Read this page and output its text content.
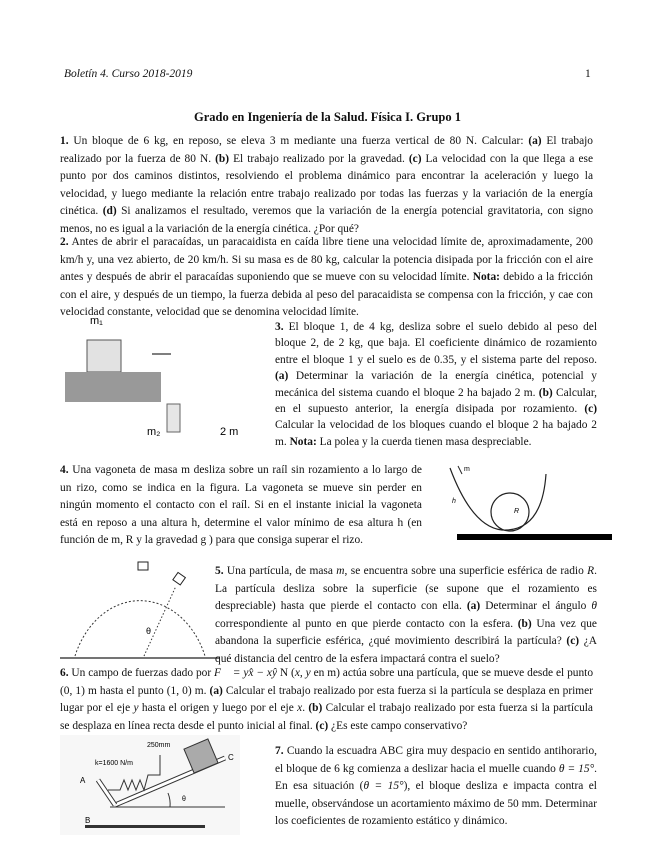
Boletín 4. Curso 2018-2019	1
Grado en Ingeniería de la Salud. Física I. Grupo 1
1. Un bloque de 6 kg, en reposo, se eleva 3 m mediante una fuerza vertical de 80 N. Calcular: (a) El trabajo realizado por la fuerza de 80 N. (b) El trabajo realizado por la gravedad. (c) La velocidad con la que llega a ese punto por dos caminos distintos, resolviendo el problema dinámico para encontrar la aceleración y luego la velocidad, y luego mediante la relación entre trabajo realizado por todas las fuerzas y la variación de la energía cinética. (d) Si analizamos el resultado, veremos que la variación de la energía potencial gravitatoria, con signo menos, no es igual a la variación de la energía cinética. ¿Por qué?
2. Antes de abrir el paracaídas, un paracaidista en caída libre tiene una velocidad límite de, aproximadamente, 200 km/h y, una vez abierto, de 20 km/h. Si su masa es de 80 kg, calcular la potencia disipada por la fricción con el aire antes y después de abrir el paracaídas suponiendo que se mueve con su velocidad límite. Nota: debido a la fricción con el aire, y después de un tiempo, la fuerza debida al peso del paracaidista se compensa con la fricción, y cae con velocidad constante, velocidad que se denomina velocidad límite.
m₁
m₂	2 m
3. El bloque 1, de 4 kg, desliza sobre el suelo debido al peso del bloque 2, de 2 kg, que baja. El coeficiente dinámico de rozamiento entre el bloque 1 y el suelo es de 0.35, y el sistema parte del reposo. (a) Determinar la variación de la energía cinética, potencial y mecánica del sistema cuando el bloque 2 ha bajado 2 m. (b) Calcular, en el supuesto anterior, la energía disipada por rozamiento. (c) Calcular la velocidad de los bloques cuando el bloque 2 ha bajado 2 m. Nota: La polea y la cuerda tienen masa despreciable.
4. Una vagoneta de masa m desliza sobre un raíl sin rozamiento a lo largo de un rizo, como se indica en la figura. La vagoneta se mueve sin perder en ningún momento el contacto con el raíl. Si en el instante inicial la vagoneta está en reposo a una altura h, determine el valor mínimo de esa altura h (en función de m, R y la gravedad g ) para que consiga superar el rizo.
m
h
R
θ
5. Una partícula, de masa m, se encuentra sobre una superficie esférica de radio R. La partícula desliza sobre la superficie (se supone que el rozamiento es despreciable) hasta que pierde el contacto con ella. (a) Determinar el ángulo θ correspondiente al punto en que pierde contacto con la esfera. (b) Una vez que abandona la superficie esférica, ¿qué movimiento describirá la partícula? (c) ¿A qué distancia del centro de la esfera impactará contra el suelo?
6. Un campo de fuerzas dado por F⃗ = yx̂ − xŷ N (x, y en m) actúa sobre una partícula, que se mueve desde el punto (0, 1) m hasta el punto (1, 0) m. (a) Calcular el trabajo realizado por esta fuerza si la partícula se desplaza en primer lugar por el eje y hasta el origen y luego por el eje x. (b) Calcular el trabajo realizado por esta fuerza si la partícula se desplaza en línea recta desde el punto inicial al final. (c) ¿Es este campo conservativo?
250mm
k=1600 N/m
A
B
C
θ
7. Cuando la escuadra ABC gira muy despacio en sentido antihorario, el bloque de 6 kg comienza a deslizar hacia el muelle cuando θ = 15°. En esa situación (θ = 15°), el bloque desliza e impacta contra el muelle, observándose un acortamiento máximo de 50 mm. Determinar los coeficientes de rozamiento estático y dinámico.
